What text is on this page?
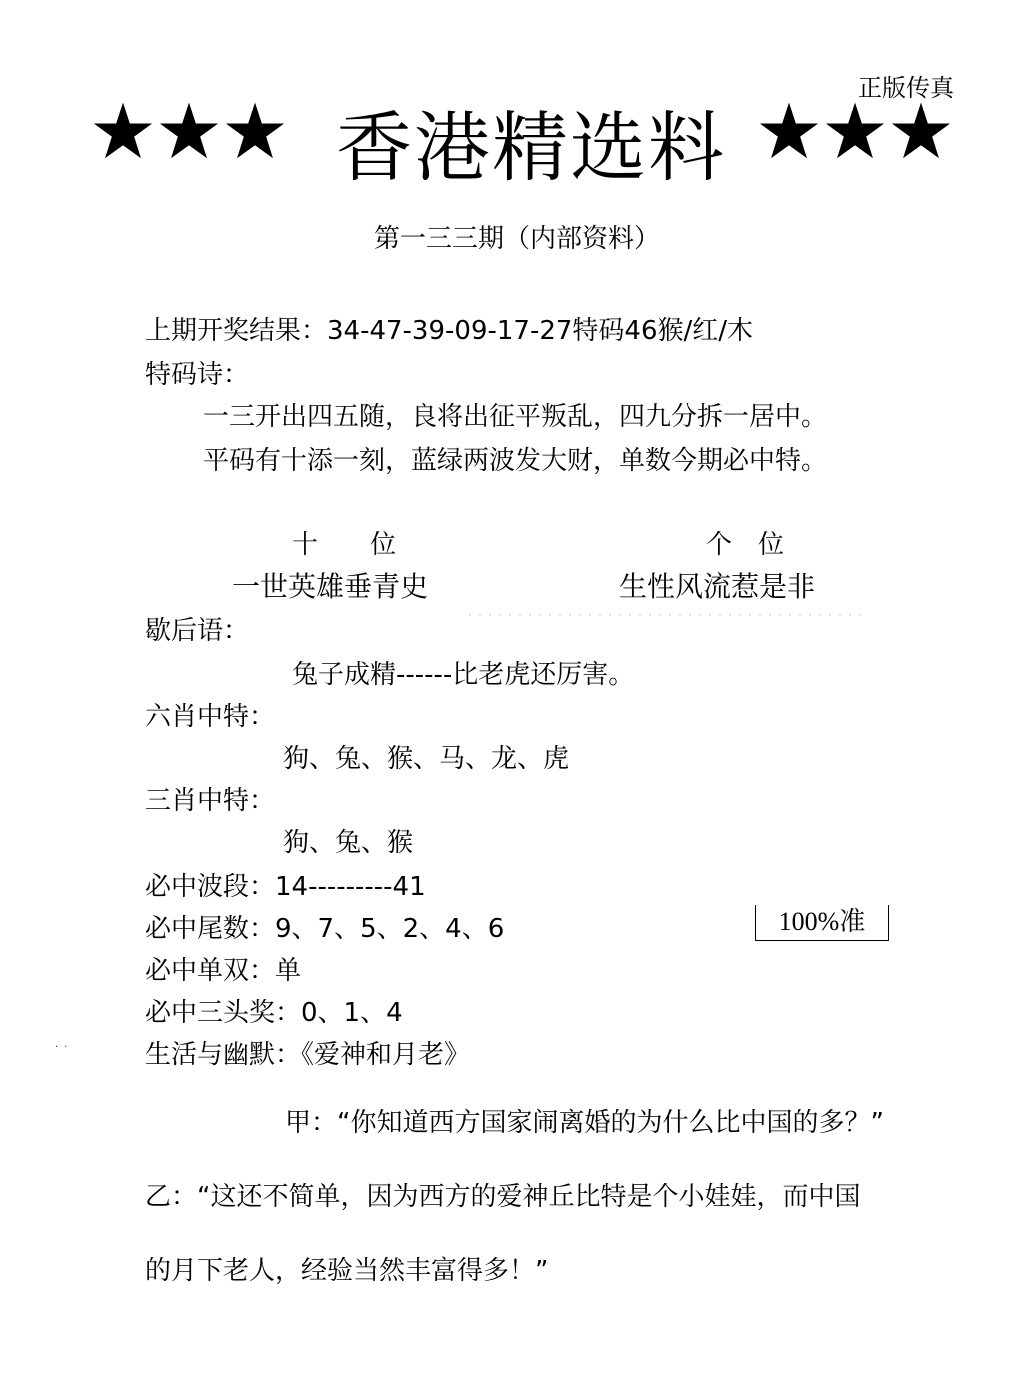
正版传真
香港精选料
第一三三期（内部资料）
上期开奖结果：34-47-39-09-17-27特码46猴/红/木
特码诗：
一三开出四五随，良将出征平叛乱，四九分拆一居中。
平码有十添一刻，蓝绿两波发大财，单数今期必中特。
十　　位	个　位
一世英雄垂青史	生性风流惹是非
歇后语：
兔子成精------比老虎还厉害。
六肖中特：
狗、兔、猴、马、龙、虎
三肖中特：
狗、兔、猴
必中波段：14---------41
必中尾数：9、7、5、2、4、6
必中单双：单
必中三头奖：0、1、4
生活与幽默：《爱神和月老》
100%准
··
甲：“你知道西方国家闹离婚的为什么比中国的多？”
乙：“这还不简单，因为西方的爱神丘比特是个小娃娃，而中国
的月下老人，经验当然丰富得多！”
